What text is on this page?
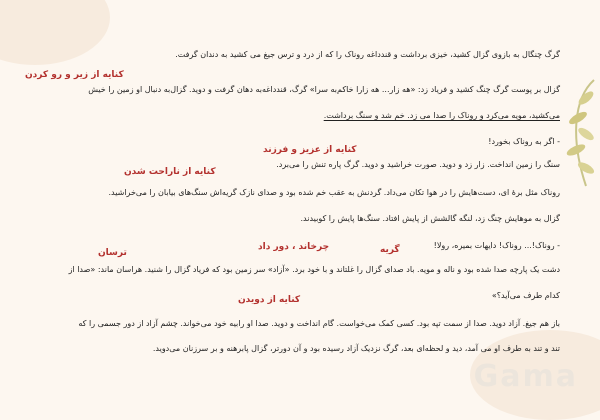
Gama
گرگ چنگال به بازوی گزال کشید، خیزی برداشت و قندداغه روناک را که از درد و ترس جیغ می کشید به دندان گرفت.
گزال بر پوست گرگ چنگ کشید و فریاد زد: «هه زار... هه زارا خاکم‌به سرا» گرگ، قندداغه‌به دهان گرفت و دوید. گزال‌به دنبال او زمین را خیش
می‌کشید، مویه می‌کرد و روناک را صدا می زد. خم شد و سنگ برداشت.
- اگر به روناک بخورد!
سنگ را زمین انداخت. زار زد و دوید. صورت خراشید و دوید. گرگ پاره تنش را می‌برد.
روناک مثل برهٔ ای، دست‌هایش را در هوا تکان می‌داد. گردنش به عقب خم شده بود و صدای نازک گریه‌اش سنگ‌های بیابان را می‌خراشید.
گزال به موهایش چنگ زد، لنگه گالشش از پایش افتاد. سنگ‌ها پایش را کوبیدند.
- روناک!... روناک! دایهات بمیره، رولا!
دشت یک پارچه صدا شده بود و ناله و مویه. باد صدای گزال را غلتاند و با خود برد. «آزاد» سر زمین بود که فریاد گزال را شنید. هراسان ماند: «صدا از
کدام طرف می‌آید؟»
باز هم جیغ. آزاد دوید. صدا از سمت تپه بود. کسی کمک می‌خواست. گام انداخت و دوید. صدا او رابیه خود می‌خواند. چشم آزاد از دور جسمی را که
تند و تند به طرف او می آمد، دید و لحظه‌ای بعد، گرگ نزدیک آزاد رسیده بود و آن دورتر، گزال پابرهنه و بر سرزنان می‌دوید.
کنایه از زیر و رو کردن
کنایه از عزیز و فرزند
کنایه از ناراحت شدن
ترسان
چرخاند ، دور داد	گریه
کنایه از دویدن
